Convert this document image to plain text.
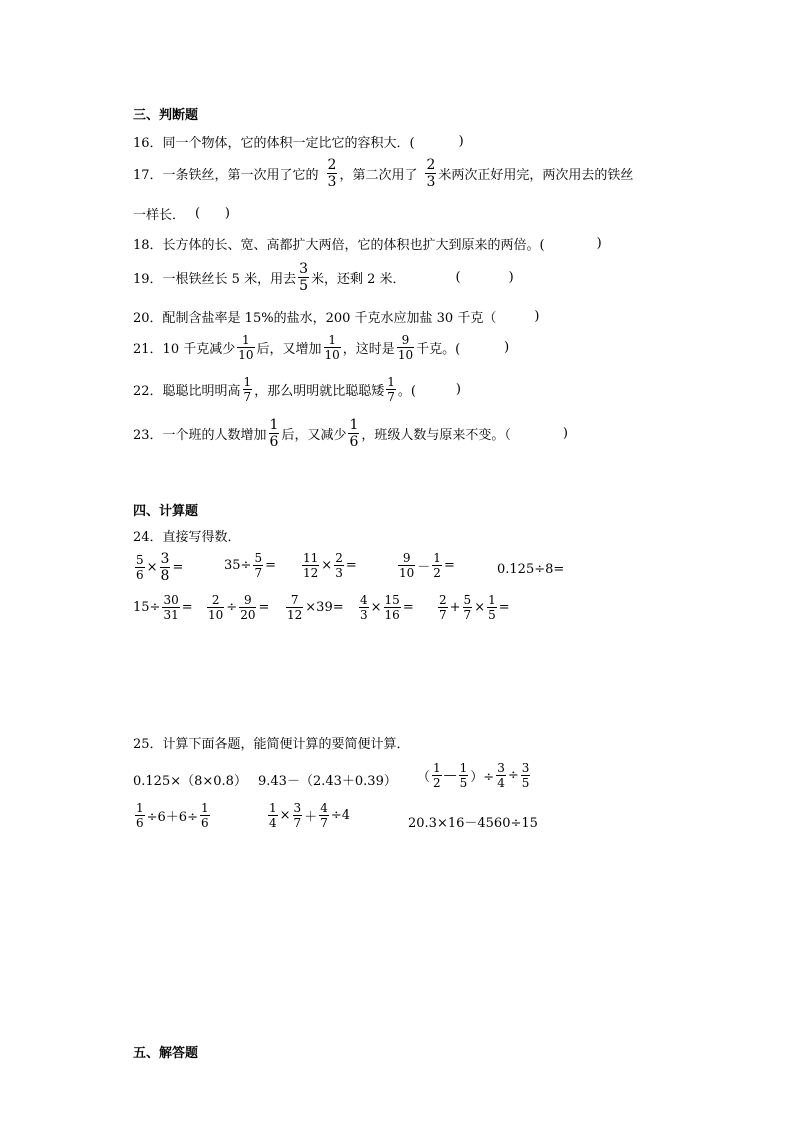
三、判断题
16．同一个物体，它的体积一定比它的容积大．(	)
17．一条铁丝，第一次用了它的 $\frac{2}{3}$ ，第二次用了 $\frac{2}{3}$ 米两次正好用完，两次用去的铁丝
一样长． (      )
18．长方体的长、宽、高都扩大两倍，它的体积也扩大到原来的两倍。(	)
19．一根铁丝长 5 米，用去 $\frac{3}{5}$ 米，还剩 2 米．	(	)
20．配制含盐率是 15%的盐水，200 千克水应加盐 30 千克（	)
21．10 千克减少 $\frac{1}{10}$ 后，又增加 $\frac{1}{10}$ ，这时是 $\frac{9}{10}$ 千克。(	)
22．聪聪比明明高 $\frac{1}{7}$ ，那么明明就比聪聪矮 $\frac{1}{7}$ 。(	)
23．一个班的人数增加 $\frac{1}{6}$ 后，又减少 $\frac{1}{6}$ ，班级人数与原来不变。（	)
四、计算题
24．直接写得数．
$\frac{5}{6} \times \frac{3}{8}$ =	$35\div \frac{5}{7} = \frac{11}{12} \times \frac{2}{3}$ =	$\frac{9}{10} - \frac{1}{2}$ =	0.125÷8=
$15\div \frac{30}{31} = \frac{2}{10} \div \frac{9}{20} = \frac{7}{12} \times 39= \frac{4}{3} \times \frac{15}{16} = \frac{2}{7} + \frac{5}{7} \times \frac{1}{5}$ =
25．计算下面各题，能简便计算的要简便计算．
0.125×（8×0.8） 9.43－（2.43＋0.39） （ $\frac{1}{2}$ — $\frac{1}{5}$ ）÷ $\frac{3}{4} \div \frac{3}{5}$
$\frac{1}{6} \div 6+6\div \frac{1}{6}$	$\frac{1}{4} \times \frac{3}{7} + \frac{4}{7} \div 4$
20.3×16－4560÷15
五、解答题
